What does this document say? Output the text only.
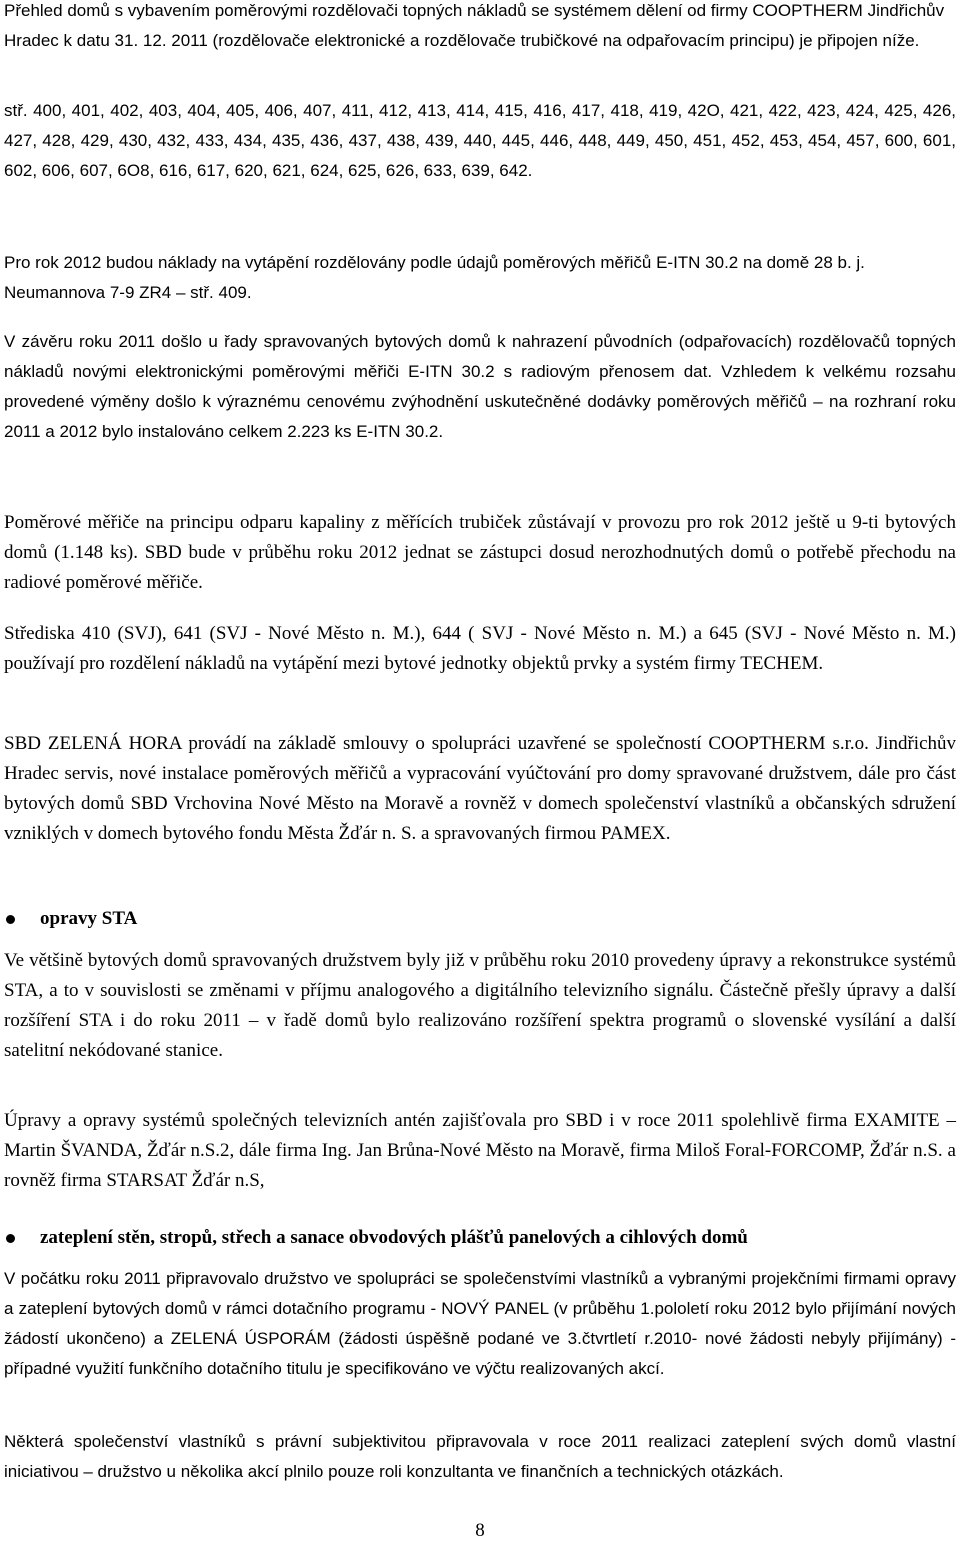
Přehled domů s vybavením poměrovými rozdělovači topných nákladů se systémem dělení od firmy COOPTHERM Jindřichův Hradec k datu 31. 12. 2011 (rozdělovače elektronické a rozdělovače trubičkové na odpařovacím principu) je připojen níže.

stř. 400, 401, 402, 403, 404, 405, 406, 407, 411, 412, 413, 414, 415, 416, 417, 418, 419, 42O, 421, 422, 423, 424, 425, 426, 427, 428, 429, 430, 432, 433, 434, 435, 436, 437, 438, 439, 440, 445, 446, 448, 449, 450, 451, 452, 453, 454, 457, 600, 601, 602, 606, 607, 6O8, 616, 617, 620, 621, 624, 625, 626, 633, 639, 642.

Pro rok 2012 budou náklady na vytápění rozdělovány podle údajů poměrových měřičů E-ITN 30.2 na domě 28 b. j. Neumannova 7-9 ZR4 – stř. 409.

V závěru roku 2011 došlo u řady spravovaných bytových domů k nahrazení původních (odpařovacích) rozdělovačů topných nákladů novými elektronickými poměrovými měřiči E-ITN 30.2 s radiovým přenosem dat. Vzhledem k velkému rozsahu provedené výměny došlo k výraznému cenovému zvýhodnění uskutečněné dodávky poměrových měřičů – na rozhraní roku 2011 a 2012 bylo instalováno celkem 2.223 ks E-ITN 30.2.

Poměrové měřiče na principu odparu kapaliny z měřících trubiček zůstávají v provozu pro rok 2012 ještě u 9-ti bytových domů (1.148 ks). SBD bude v průběhu roku 2012 jednat se zástupci dosud nerozhodnutých domů o potřebě přechodu na radiové poměrové měřiče.

Střediska 410 (SVJ), 641 (SVJ - Nové Město n. M.), 644 ( SVJ - Nové Město n. M.) a 645 (SVJ - Nové Město n. M.) používají pro rozdělení nákladů na vytápění mezi bytové jednotky objektů prvky a systém firmy TECHEM.

SBD ZELENÁ HORA provádí na základě smlouvy o spolupráci uzavřené se společností COOPTHERM s.r.o. Jindřichův Hradec servis, nové instalace poměrových měřičů a vypracování vyúčtování pro domy spravované družstvem, dále pro část bytových domů SBD Vrchovina Nové Město na Moravě a rovněž v domech společenství vlastníků a občanských sdružení vzniklých v domech bytového fondu Města Žďár n. S. a spravovaných firmou PAMEX.

opravy STA

Ve většině bytových domů spravovaných družstvem byly již v průběhu roku 2010 provedeny úpravy a rekonstrukce systémů STA, a to v souvislosti se změnami v příjmu analogového a digitálního televizního signálu. Částečně přešly úpravy a další rozšíření STA i do roku 2011 – v řadě domů bylo realizováno rozšíření spektra programů o slovenské vysílání a další satelitní nekódované stanice.

Úpravy a opravy systémů společných televizních antén zajišťovala pro SBD i v roce 2011 spolehlivě firma EXAMITE – Martin ŠVANDA, Žďár n.S.2, dále firma Ing. Jan Brůna-Nové Město na Moravě, firma Miloš Foral-FORCOMP, Žďár n.S. a rovněž firma STARSAT Žďár n.S,

zateplení stěn, stropů, střech a sanace obvodových plášťů panelových a cihlových domů

V počátku roku 2011 připravovalo družstvo ve spolupráci se společenstvími vlastníků a vybranými projekčními firmami opravy a zateplení bytových domů v rámci dotačního programu - NOVÝ PANEL (v průběhu 1.pololetí roku 2012 bylo přijímání nových žádostí ukončeno) a ZELENÁ ÚSPORÁM (žádosti úspěšně podané ve 3.čtvrtletí r.2010- nové žádosti nebyly přijímány) - případné využití funkčního dotačního titulu je specifikováno ve výčtu realizovaných akcí.

Některá společenství vlastníků s právní subjektivitou připravovala v roce 2011 realizaci zateplení svých domů vlastní iniciativou – družstvo u několika akcí plnilo pouze roli konzultanta ve finančních a technických otázkách.

8
